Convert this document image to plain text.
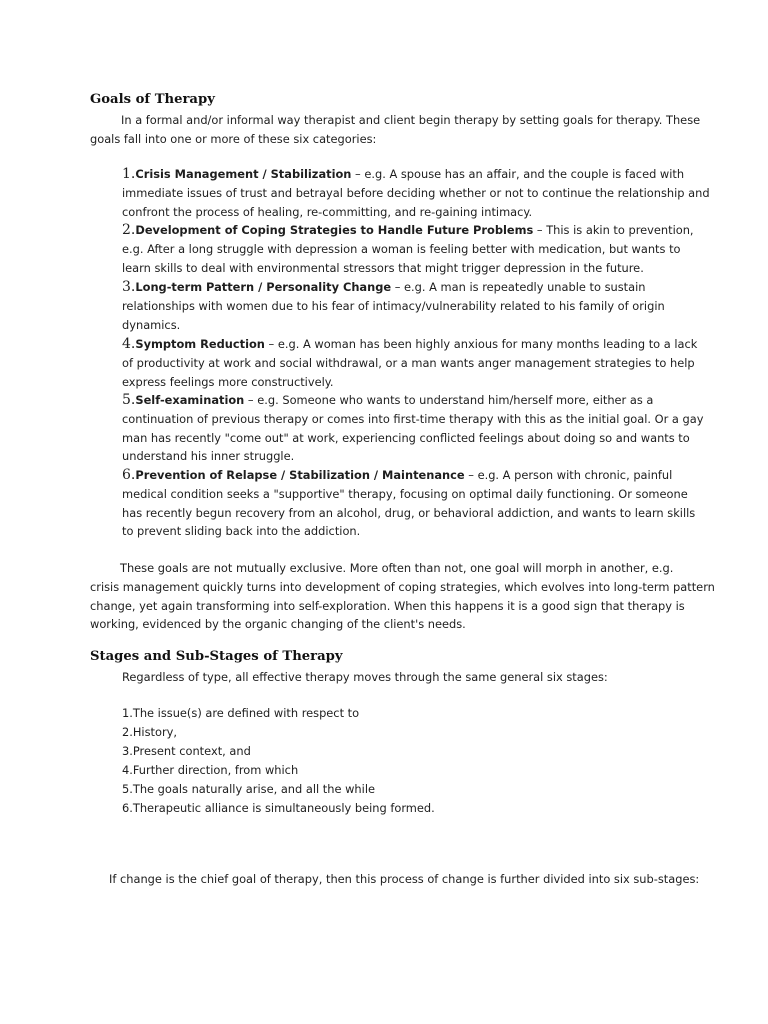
Goals of Therapy

In a formal and/or informal way therapist and client begin therapy by setting goals for therapy. These
goals fall into one or more of these six categories:

1.Crisis Management / Stabilization – e.g. A spouse has an affair, and the couple is faced with
immediate issues of trust and betrayal before deciding whether or not to continue the relationship and
confront the process of healing, re-committing, and re-gaining intimacy.
2.Development of Coping Strategies to Handle Future Problems – This is akin to prevention,
e.g. After a long struggle with depression a woman is feeling better with medication, but wants to
learn skills to deal with environmental stressors that might trigger depression in the future.
3.Long-term Pattern / Personality Change – e.g. A man is repeatedly unable to sustain
relationships with women due to his fear of intimacy/vulnerability related to his family of origin
dynamics.
4.Symptom Reduction – e.g. A woman has been highly anxious for many months leading to a lack
of productivity at work and social withdrawal, or a man wants anger management strategies to help
express feelings more constructively.
5.Self-examination – e.g. Someone who wants to understand him/herself more, either as a
continuation of previous therapy or comes into first-time therapy with this as the initial goal. Or a gay
man has recently "come out" at work, experiencing conflicted feelings about doing so and wants to
understand his inner struggle.
6.Prevention of Relapse / Stabilization / Maintenance – e.g. A person with chronic, painful
medical condition seeks a "supportive" therapy, focusing on optimal daily functioning. Or someone
has recently begun recovery from an alcohol, drug, or behavioral addiction, and wants to learn skills
to prevent sliding back into the addiction.

These goals are not mutually exclusive. More often than not, one goal will morph in another, e.g.
crisis management quickly turns into development of coping strategies, which evolves into long-term pattern
change, yet again transforming into self-exploration. When this happens it is a good sign that therapy is
working, evidenced by the organic changing of the client's needs.

Stages and Sub-Stages of Therapy

Regardless of type, all effective therapy moves through the same general six stages:

1.The issue(s) are defined with respect to
2.History,
3.Present context, and
4.Further direction, from which
5.The goals naturally arise, and all the while
6.Therapeutic alliance is simultaneously being formed.

If change is the chief goal of therapy, then this process of change is further divided into six sub-stages:
